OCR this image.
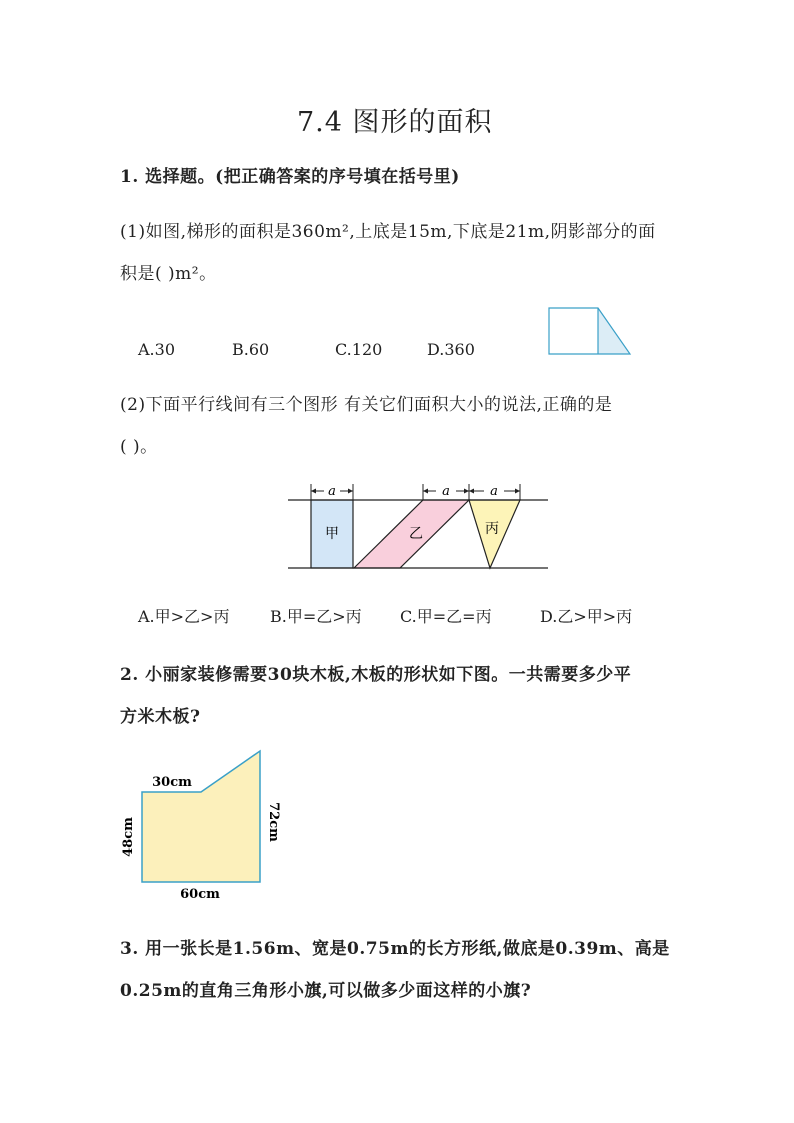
7.4 图形的面积
1. 选择题。(把正确答案的序号填在括号里)
(1)如图,梯形的面积是360m²,上底是15m,下底是21m,阴影部分的面
积是( )m²。
A.30	B.60	C.120	D.360
(2)下面平行线间有三个图形 有关它们面积大小的说法,正确的是
( )。
a	a	a
甲	乙	丙
A.甲>乙>丙	B.甲=乙>丙 C.甲=乙=丙	D.乙>甲>丙
2. 小丽家装修需要30块木板,木板的形状如下图。一共需要多少平
方米木板?
30cm
60cm
48cm	72cm
3. 用一张长是1.56m、宽是0.75m的长方形纸,做底是0.39m、高是
0.25m的直角三角形小旗,可以做多少面这样的小旗?
